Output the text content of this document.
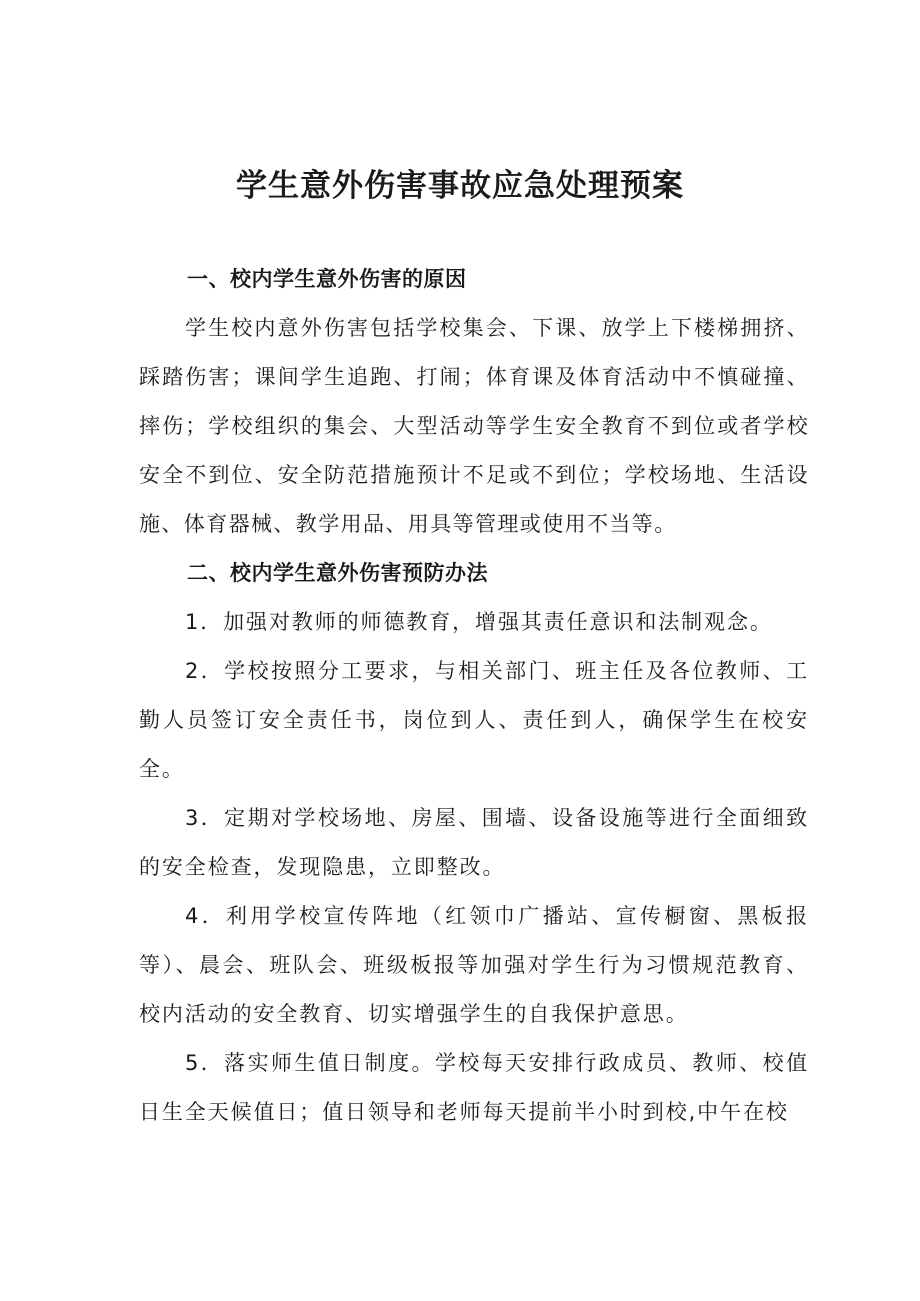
学生意外伤害事故应急处理预案

一、校内学生意外伤害的原因

学生校内意外伤害包括学校集会、下课、放学上下楼梯拥挤、踩踏伤害；课间学生追跑、打闹；体育课及体育活动中不慎碰撞、摔伤；学校组织的集会、大型活动等学生安全教育不到位或者学校安全不到位、安全防范措施预计不足或不到位；学校场地、生活设施、体育器械、教学用品、用具等管理或使用不当等。

二、校内学生意外伤害预防办法

1．加强对教师的师德教育，增强其责任意识和法制观念。

2．学校按照分工要求，与相关部门、班主任及各位教师、工勤人员签订安全责任书，岗位到人、责任到人，确保学生在校安全。

3．定期对学校场地、房屋、围墙、设备设施等进行全面细致的安全检查，发现隐患，立即整改。

4．利用学校宣传阵地（红领巾广播站、宣传橱窗、黑板报等）、晨会、班队会、班级板报等加强对学生行为习惯规范教育、校内活动的安全教育、切实增强学生的自我保护意思。

5．落实师生值日制度。学校每天安排行政成员、教师、校值日生全天候值日；值日领导和老师每天提前半小时到校,中午在校
